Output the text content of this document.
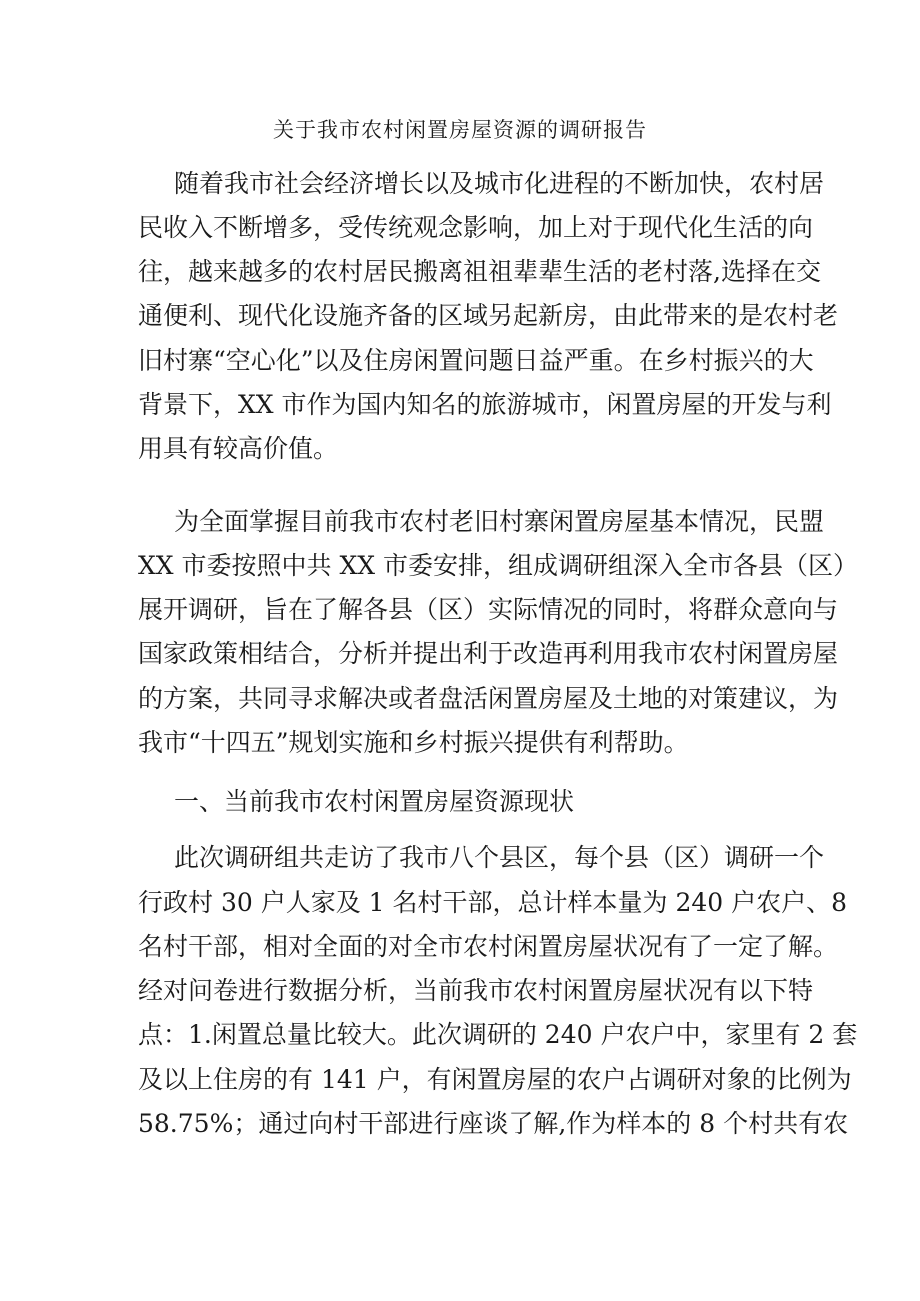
关于我市农村闲置房屋资源的调研报告
随着我市社会经济增长以及城市化进程的不断加快，农村居
民收入不断增多，受传统观念影响，加上对于现代化生活的向
往，越来越多的农村居民搬离祖祖辈辈生活的老村落,选择在交
通便利、现代化设施齐备的区域另起新房，由此带来的是农村老
旧村寨“空心化”以及住房闲置问题日益严重。在乡村振兴的大
背景下，XX 市作为国内知名的旅游城市，闲置房屋的开发与利
用具有较高价值。
为全面掌握目前我市农村老旧村寨闲置房屋基本情况，民盟
XX 市委按照中共 XX 市委安排，组成调研组深入全市各县（区）
展开调研，旨在了解各县（区）实际情况的同时，将群众意向与
国家政策相结合，分析并提出利于改造再利用我市农村闲置房屋
的方案，共同寻求解决或者盘活闲置房屋及土地的对策建议，为
我市“十四五”规划实施和乡村振兴提供有利帮助。
一、当前我市农村闲置房屋资源现状
此次调研组共走访了我市八个县区，每个县（区）调研一个
行政村 30 户人家及 1 名村干部，总计样本量为 240 户农户、8
名村干部，相对全面的对全市农村闲置房屋状况有了一定了解。
经对问卷进行数据分析，当前我市农村闲置房屋状况有以下特
点：1.闲置总量比较大。此次调研的 240 户农户中，家里有 2 套
及以上住房的有 141 户，有闲置房屋的农户占调研对象的比例为
58.75%；通过向村干部进行座谈了解,作为样本的 8 个村共有农
